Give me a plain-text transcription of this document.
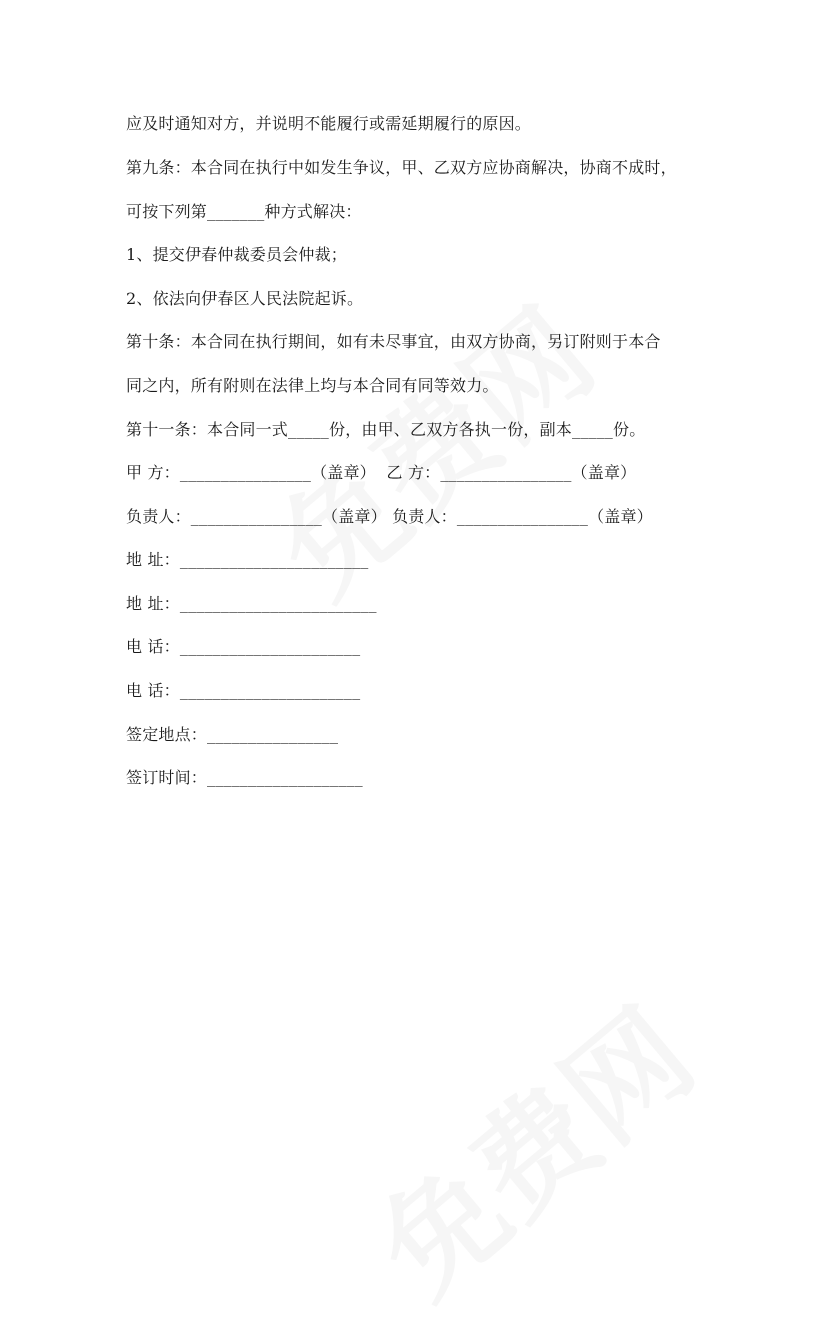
应及时通知对方，并说明不能履行或需延期履行的原因。
第九条：本合同在执行中如发生争议，甲、乙双方应协商解决，协商不成时，
可按下列第_______种方式解决：
1、提交伊春仲裁委员会仲裁；
2、依法向伊春区人民法院起诉。
第十条：本合同在执行期间，如有未尽事宜，由双方协商，另订附则于本合
同之内，所有附则在法律上均与本合同有同等效力。
第十一条：本合同一式_____份，由甲、乙双方各执一份，副本_____份。
甲 方：________________（盖章）  乙 方：________________（盖章）
负责人：________________（盖章） 负责人：________________（盖章）
地 址：_______________________
地 址：________________________
电 话：______________________
电 话：______________________
签定地点：________________
签订时间：___________________
